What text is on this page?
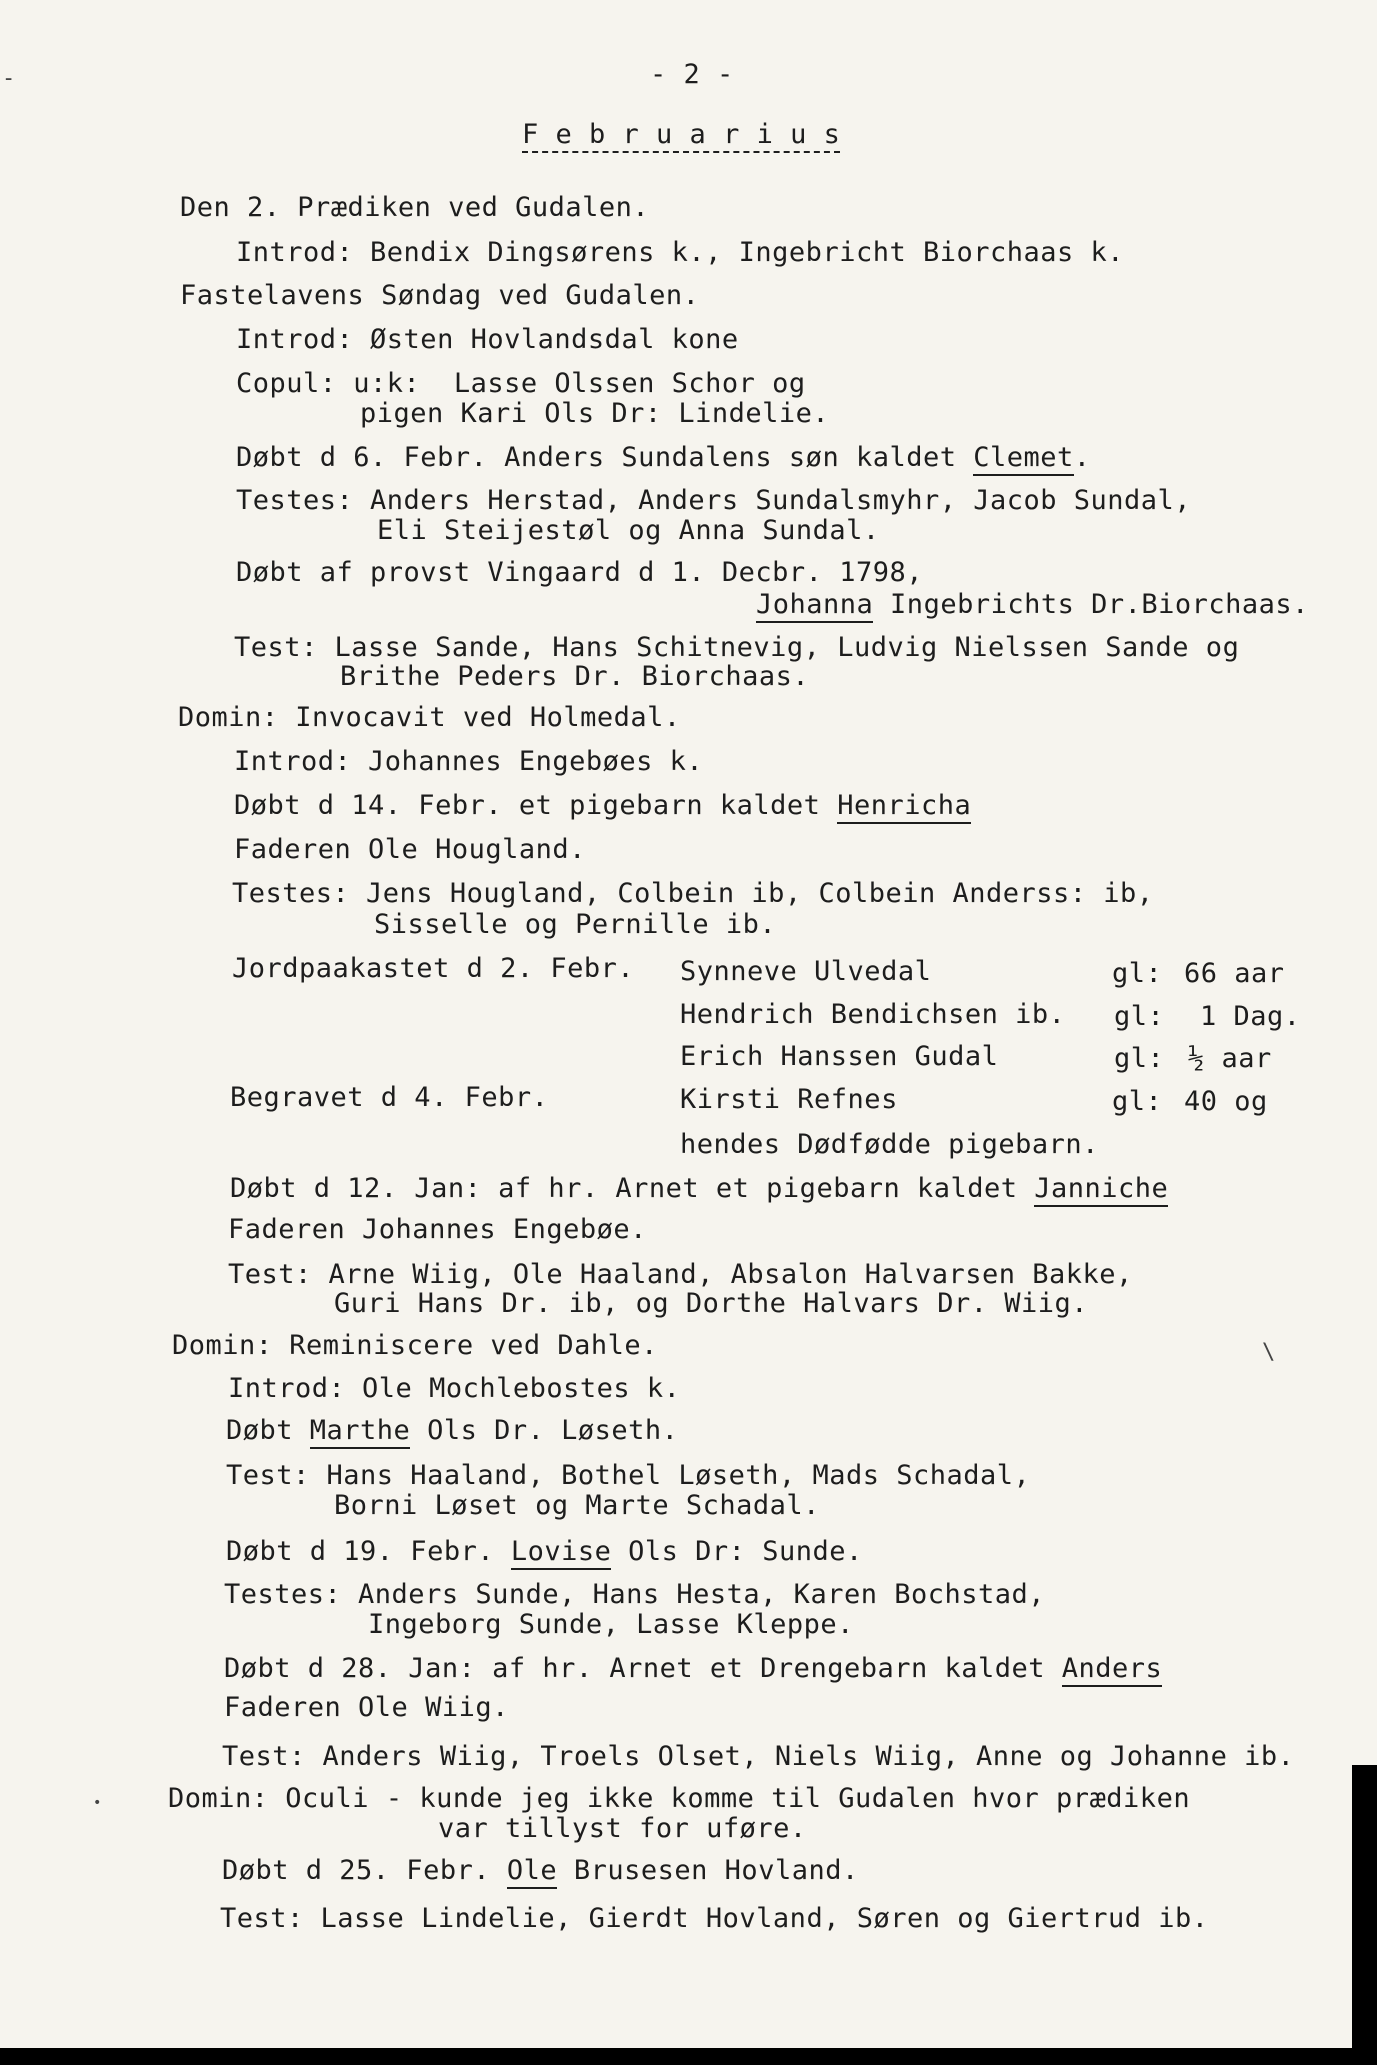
-
\
•
- 2 -
F e b r u a r i u s
Den 2. Prædiken ved Gudalen.
Introd: Bendix Dingsørens k., Ingebricht Biorchaas k.
Fastelavens Søndag ved Gudalen.
Introd: Østen Hovlandsdal kone
Copul: u:k:  Lasse Olssen Schor og
pigen Kari Ols Dr: Lindelie.
Døbt d 6. Febr. Anders Sundalens søn kaldet Clemet.
Testes: Anders Herstad, Anders Sundalsmyhr, Jacob Sundal,
Eli Steijestøl og Anna Sundal.
Døbt af provst Vingaard d 1. Decbr. 1798,
Johanna Ingebrichts Dr.Biorchaas.
Test: Lasse Sande, Hans Schitnevig, Ludvig Nielssen Sande og
Brithe Peders Dr. Biorchaas.
Domin: Invocavit ved Holmedal.
Introd: Johannes Engebøes k.
Døbt d 14. Febr. et pigebarn kaldet Henricha
Faderen Ole Hougland.
Testes: Jens Hougland, Colbein ib, Colbein Anderss: ib,
Sisselle og Pernille ib.
Jordpaakastet d 2. Febr. Synneve Ulvedal	gl: 66 aar
Hendrich Bendichsen ib. gl: 1 Dag.
Erich Hanssen Gudal	gl: ½ aar
Begravet d 4. Febr.	Kirsti Refnes	gl: 40 og
hendes Dødfødde pigebarn.
Døbt d 12. Jan: af hr. Arnet et pigebarn kaldet Janniche
Faderen Johannes Engebøe.
Test: Arne Wiig, Ole Haaland, Absalon Halvarsen Bakke,
Guri Hans Dr. ib, og Dorthe Halvars Dr. Wiig.
Domin: Reminiscere ved Dahle.
Introd: Ole Mochlebostes k.
Døbt Marthe Ols Dr. Løseth.
Test: Hans Haaland, Bothel Løseth, Mads Schadal,
Borni Løset og Marte Schadal.
Døbt d 19. Febr. Lovise Ols Dr: Sunde.
Testes: Anders Sunde, Hans Hesta, Karen Bochstad,
Ingeborg Sunde, Lasse Kleppe.
Døbt d 28. Jan: af hr. Arnet et Drengebarn kaldet Anders
Faderen Ole Wiig.
Test: Anders Wiig, Troels Olset, Niels Wiig, Anne og Johanne ib.
Domin: Oculi - kunde jeg ikke komme til Gudalen hvor prædiken
var tillyst for uføre.
Døbt d 25. Febr. Ole Brusesen Hovland.
Test: Lasse Lindelie, Gierdt Hovland, Søren og Giertrud ib.
